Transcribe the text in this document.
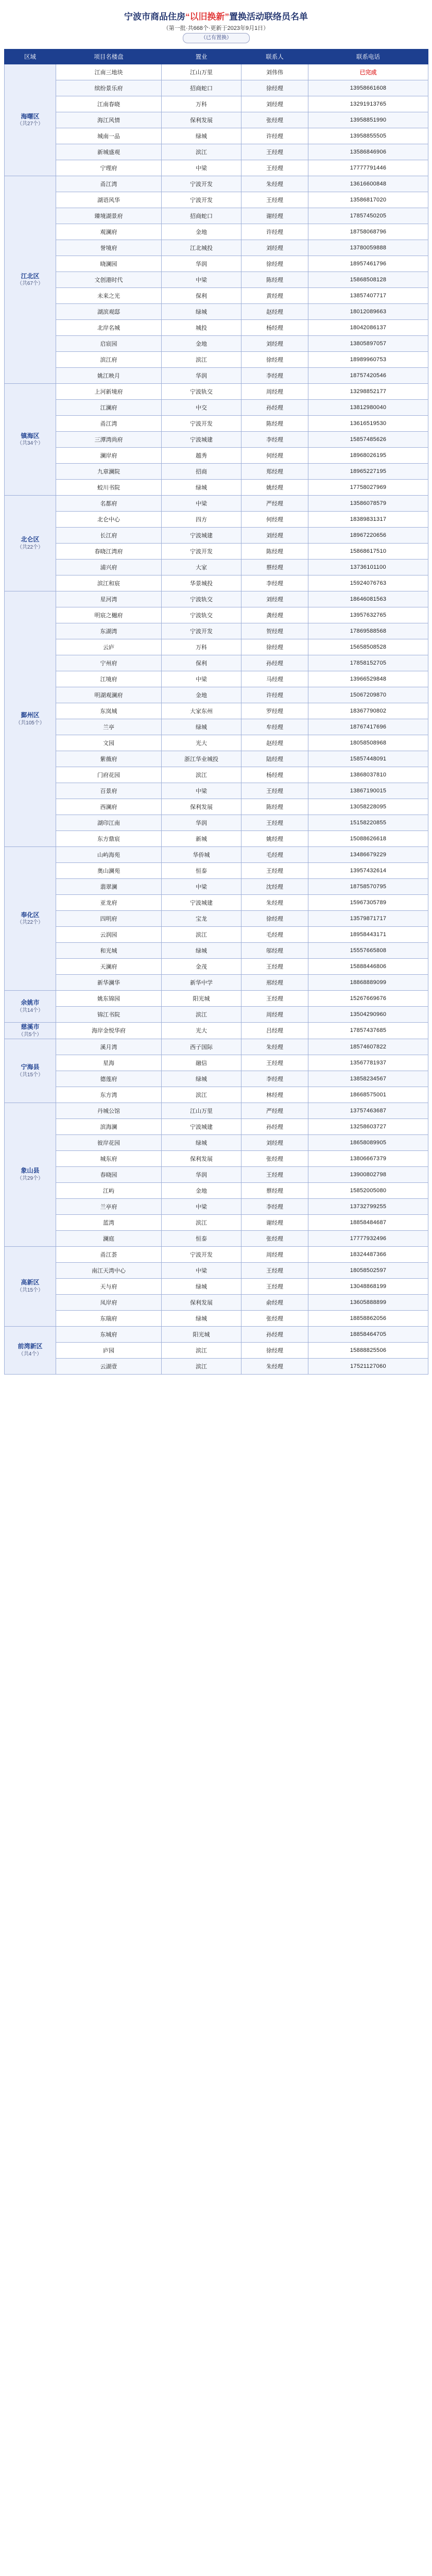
宁波市商品住房“以旧换新”置换活动联络员名单
（第一批·共668个·更新于2023年9月1日）
（已有置换）
区域	项目名楼盘	置业	联系人	联系电话
海曙区
（共27个）	江南三地块	江山万里	刘伟伟	已完成
	缤纷景乐府	招商蛇口	徐经理	13958661608
	江南春晓	万科	刘经理	13291913765
	海江风情	保利发展	张经理	13958851990
	城南一品	绿城	许经理	13958855505
	新城盛观	滨江	王经理	13586846906
	宁理府	中梁	王经理	17777791446
江北区
（共67个）	甬江湾	宁波开发	朱经理	13616600848
	湖语风华	宁波开发	王经理	13586817020
	臻境湖景府	招商蛇口	谢经理	17857450205
	观澜府	金地	许经理	18758068796
	誉境府	江北城投	刘经理	13780059888
	晓澜园	华润	徐经理	18957461796
	文创港时代	中梁	陈经理	15868508128
	未来之光	保利	黄经理	13857407717
	湖滨观邸	绿城	赵经理	18012089663
	北岸名城	城投	杨经理	18042086137
	启宸园	金地	刘经理	13805897057
	滨江府	滨江	徐经理	18989960753
	姚江映月	华润	李经理	18757420546
镇海区
（共34个）	上河新境府	宁波轨交	周经理	13298852177
	江澜府	中交	孙经理	13812980040
	甬江湾	宁波开发	陈经理	13616519530
	三潭湾尚府	宁波城建	李经理	15857485626
	澜岸府	越秀	何经理	18968026195
	九章澜院	招商	郑经理	18965227195
	蛟川书院	绿城	姚经理	17758027969
北仑区
（共22个）	名都府	中梁	严经理	13586078579
	北仑中心	四方	何经理	18389831317
	长江府	宁波城建	刘经理	18967220656
	春晓江湾府	宁波开发	陈经理	15868617510
	浦兴府	大家	蔡经理	13736101100
	滨江和宸	华景城投	李经理	15924076763
鄞州区
（共105个）	星河湾	宁波轨交	刘经理	18646081563
	明宸之樾府	宁波轨交	龚经理	13957632765
	东湖湾	宁波开发	贺经理	17869588568
	云庐	万科	徐经理	15658508528
	宁州府	保利	孙经理	17858152705
	江境府	中梁	马经理	13966529848
	明湖观澜府	金地	许经理	15067209870
	东岚城	大家东州	罗经理	18367790802
	兰亭	绿城	牟经理	18767417696
	文园	光大	赵经理	18058508968
	紫薇府	浙江华业城投	陆经理	15857448091
	门府花园	滨江	杨经理	13868037810
	百景府	中梁	王经理	13867190015
	西澜府	保利发展	陈经理	13058228095
	湖印江南	华润	王经理	15158220855
	东方鼎宸	新城	姚经理	15088626618
奉化区
（共22个）	山屿海苑	华侨城	毛经理	13486679229
	奥山澜苑	恒泰	王经理	13957432614
	翡翠澜	中梁	沈经理	18758570795
	亚龙府	宁波城建	朱经理	15967305789
	四明府	宝龙	徐经理	13579871717
	云润园	滨江	毛经理	18958443171
	和光城	绿城	邬经理	15557665808
	天澜府	金茂	王经理	15888446806
	新华澜华	新华中学	邢经理	18868889099
余姚市
（共14个）	姚东锦园	阳光城	王经理	15267669676
	锦江书院	滨江	周经理	13504290960
慈溪市
（共5个）	海岸金悦华府	光大	吕经理	17857437685
宁海县
（共15个）	溪月湾	西子国际	朱经理	18574607822
	星海	融信	王经理	13567781937
	德莲府	绿城	李经理	13858234567
	东方湾	滨江	林经理	18668575001
象山县
（共29个）	丹城公馆	江山万里	严经理	13757463687
	滨海澜	宁波城建	孙经理	13258603727
	彼岸花园	绿城	刘经理	18658089905
	城东府	保利发展	张经理	13806667379
	春晓园	华润	王经理	13900802798
	江屿	金地	蔡经理	15852005080
	兰亭府	中梁	李经理	13732799255
	蓝湾	滨江	谢经理	18858484687
	澜庭	恒泰	张经理	17777932496
高新区
（共15个）	甬江荟	宁波开发	周经理	18324487366
	南江天湾中心	中梁	王经理	18058502597
	天与府	绿城	王经理	13048868199
	凤岸府	保利发展	俞经理	13605888899
	东瑞府	绿城	张经理	18858862056
前湾新区
（共4个）	东城府	阳光城	孙经理	18858464705
	庐园	滨江	徐经理	15888825506
	云湖壹	滨江	朱经理	17521127060
